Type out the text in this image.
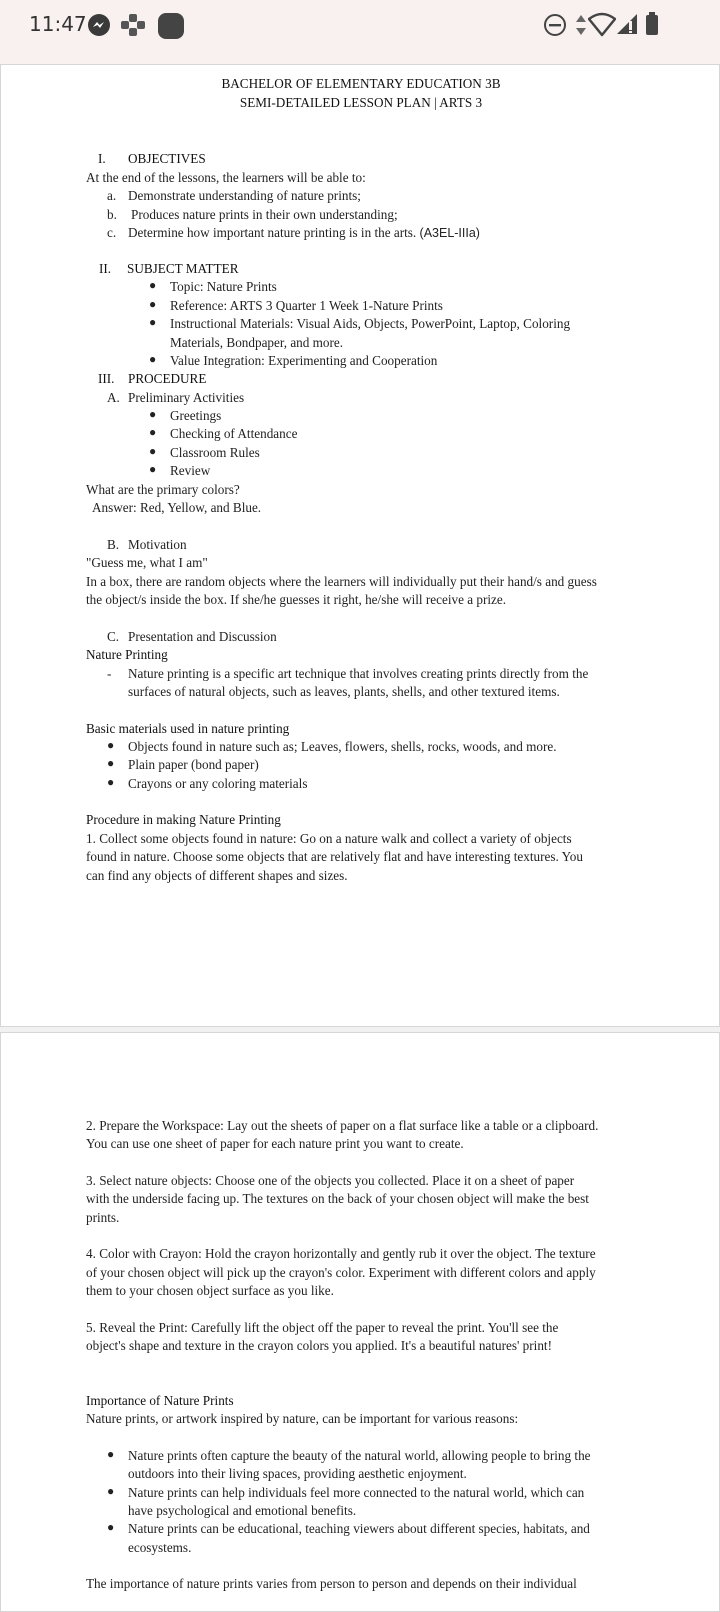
11:47

BACHELOR OF ELEMENTARY EDUCATION 3B

SEMI-DETAILED LESSON PLAN | ARTS 3

I. OBJECTIVES

At the end of the lessons, the learners will be able to:

a. Demonstrate understanding of nature prints;

b. Produces nature prints in their own understanding;

c. Determine how important nature printing is in the arts. (A3EL-IIIa)

II. SUBJECT MATTER

● Topic: Nature Prints

● Reference: ARTS 3 Quarter 1 Week 1-Nature Prints

● Instructional Materials: Visual Aids, Objects, PowerPoint, Laptop, Coloring

Materials, Bondpaper, and more.

● Value Integration: Experimenting and Cooperation

III. PROCEDURE

A. Preliminary Activities

● Greetings

● Checking of Attendance

● Classroom Rules

● Review

What are the primary colors?

Answer: Red, Yellow, and Blue.

B. Motivation

"Guess me, what I am"

In a box, there are random objects where the learners will individually put their hand/s and guess

the object/s inside the box. If she/he guesses it right, he/she will receive a prize.

C. Presentation and Discussion

Nature Printing

- Nature printing is a specific art technique that involves creating prints directly from the

surfaces of natural objects, such as leaves, plants, shells, and other textured items.

Basic materials used in nature printing

● Objects found in nature such as; Leaves, flowers, shells, rocks, woods, and more.

● Plain paper (bond paper)

● Crayons or any coloring materials

Procedure in making Nature Printing

1. Collect some objects found in nature: Go on a nature walk and collect a variety of objects

found in nature. Choose some objects that are relatively flat and have interesting textures. You

can find any objects of different shapes and sizes.

2. Prepare the Workspace: Lay out the sheets of paper on a flat surface like a table or a clipboard.

You can use one sheet of paper for each nature print you want to create.

3. Select nature objects: Choose one of the objects you collected. Place it on a sheet of paper

with the underside facing up. The textures on the back of your chosen object will make the best

prints.

4. Color with Crayon: Hold the crayon horizontally and gently rub it over the object. The texture

of your chosen object will pick up the crayon's color. Experiment with different colors and apply

them to your chosen object surface as you like.

5. Reveal the Print: Carefully lift the object off the paper to reveal the print. You'll see the

object's shape and texture in the crayon colors you applied. It's a beautiful natures' print!

Importance of Nature Prints

Nature prints, or artwork inspired by nature, can be important for various reasons:

● Nature prints often capture the beauty of the natural world, allowing people to bring the

outdoors into their living spaces, providing aesthetic enjoyment.

● Nature prints can help individuals feel more connected to the natural world, which can

have psychological and emotional benefits.

● Nature prints can be educational, teaching viewers about different species, habitats, and

ecosystems.

The importance of nature prints varies from person to person and depends on their individual
